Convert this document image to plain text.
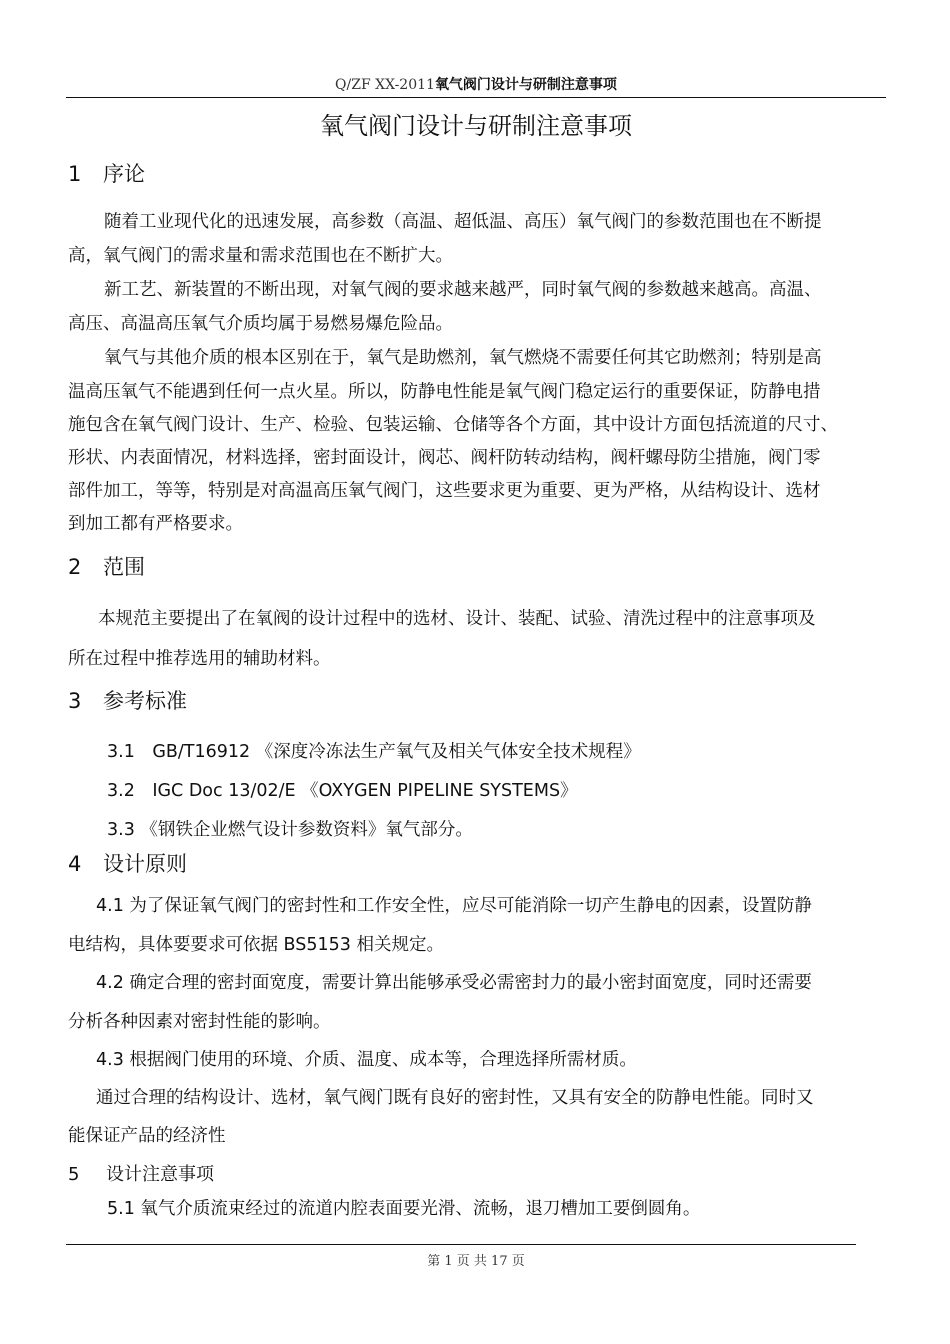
Q/ZF XX-2011氧气阀门设计与研制注意事项
氧气阀门设计与研制注意事项
1 序论
随着工业现代化的迅速发展，高参数（高温、超低温、高压）氧气阀门的参数范围也在不断提
高，氧气阀门的需求量和需求范围也在不断扩大。
新工艺、新装置的不断出现，对氧气阀的要求越来越严，同时氧气阀的参数越来越高。高温、
高压、高温高压氧气介质均属于易燃易爆危险品。
氧气与其他介质的根本区别在于，氧气是助燃剂，氧气燃烧不需要任何其它助燃剂；特别是高
温高压氧气不能遇到任何一点火星。所以，防静电性能是氧气阀门稳定运行的重要保证，防静电措
施包含在氧气阀门设计、生产、检验、包装运输、仓储等各个方面，其中设计方面包括流道的尺寸、
形状、内表面情况，材料选择，密封面设计，阀芯、阀杆防转动结构，阀杆螺母防尘措施，阀门零
部件加工，等等，特别是对高温高压氧气阀门，这些要求更为重要、更为严格，从结构设计、选材
到加工都有严格要求。
2 范围
本规范主要提出了在氧阀的设计过程中的选材、设计、装配、试验、清洗过程中的注意事项及
所在过程中推荐选用的辅助材料。
3 参考标准
3.1　GB/T16912 《深度冷冻法生产氧气及相关气体安全技术规程》
3.2　IGC Doc 13/02/E 《OXYGEN PIPELINE SYSTEMS》
3.3 《钢铁企业燃气设计参数资料》氧气部分。
4 设计原则
4.1 为了保证氧气阀门的密封性和工作安全性，应尽可能消除一切产生静电的因素，设置防静
电结构，具体要要求可依据 BS5153 相关规定。
4.2 确定合理的密封面宽度，需要计算出能够承受必需密封力的最小密封面宽度，同时还需要
分析各种因素对密封性能的影响。
4.3 根据阀门使用的环境、介质、温度、成本等，合理选择所需材质。
通过合理的结构设计、选材，氧气阀门既有良好的密封性，又具有安全的防静电性能。同时又
能保证产品的经济性
5 设计注意事项
5.1 氧气介质流束经过的流道内腔表面要光滑、流畅，退刀槽加工要倒圆角。
第 1 页 共 17 页
